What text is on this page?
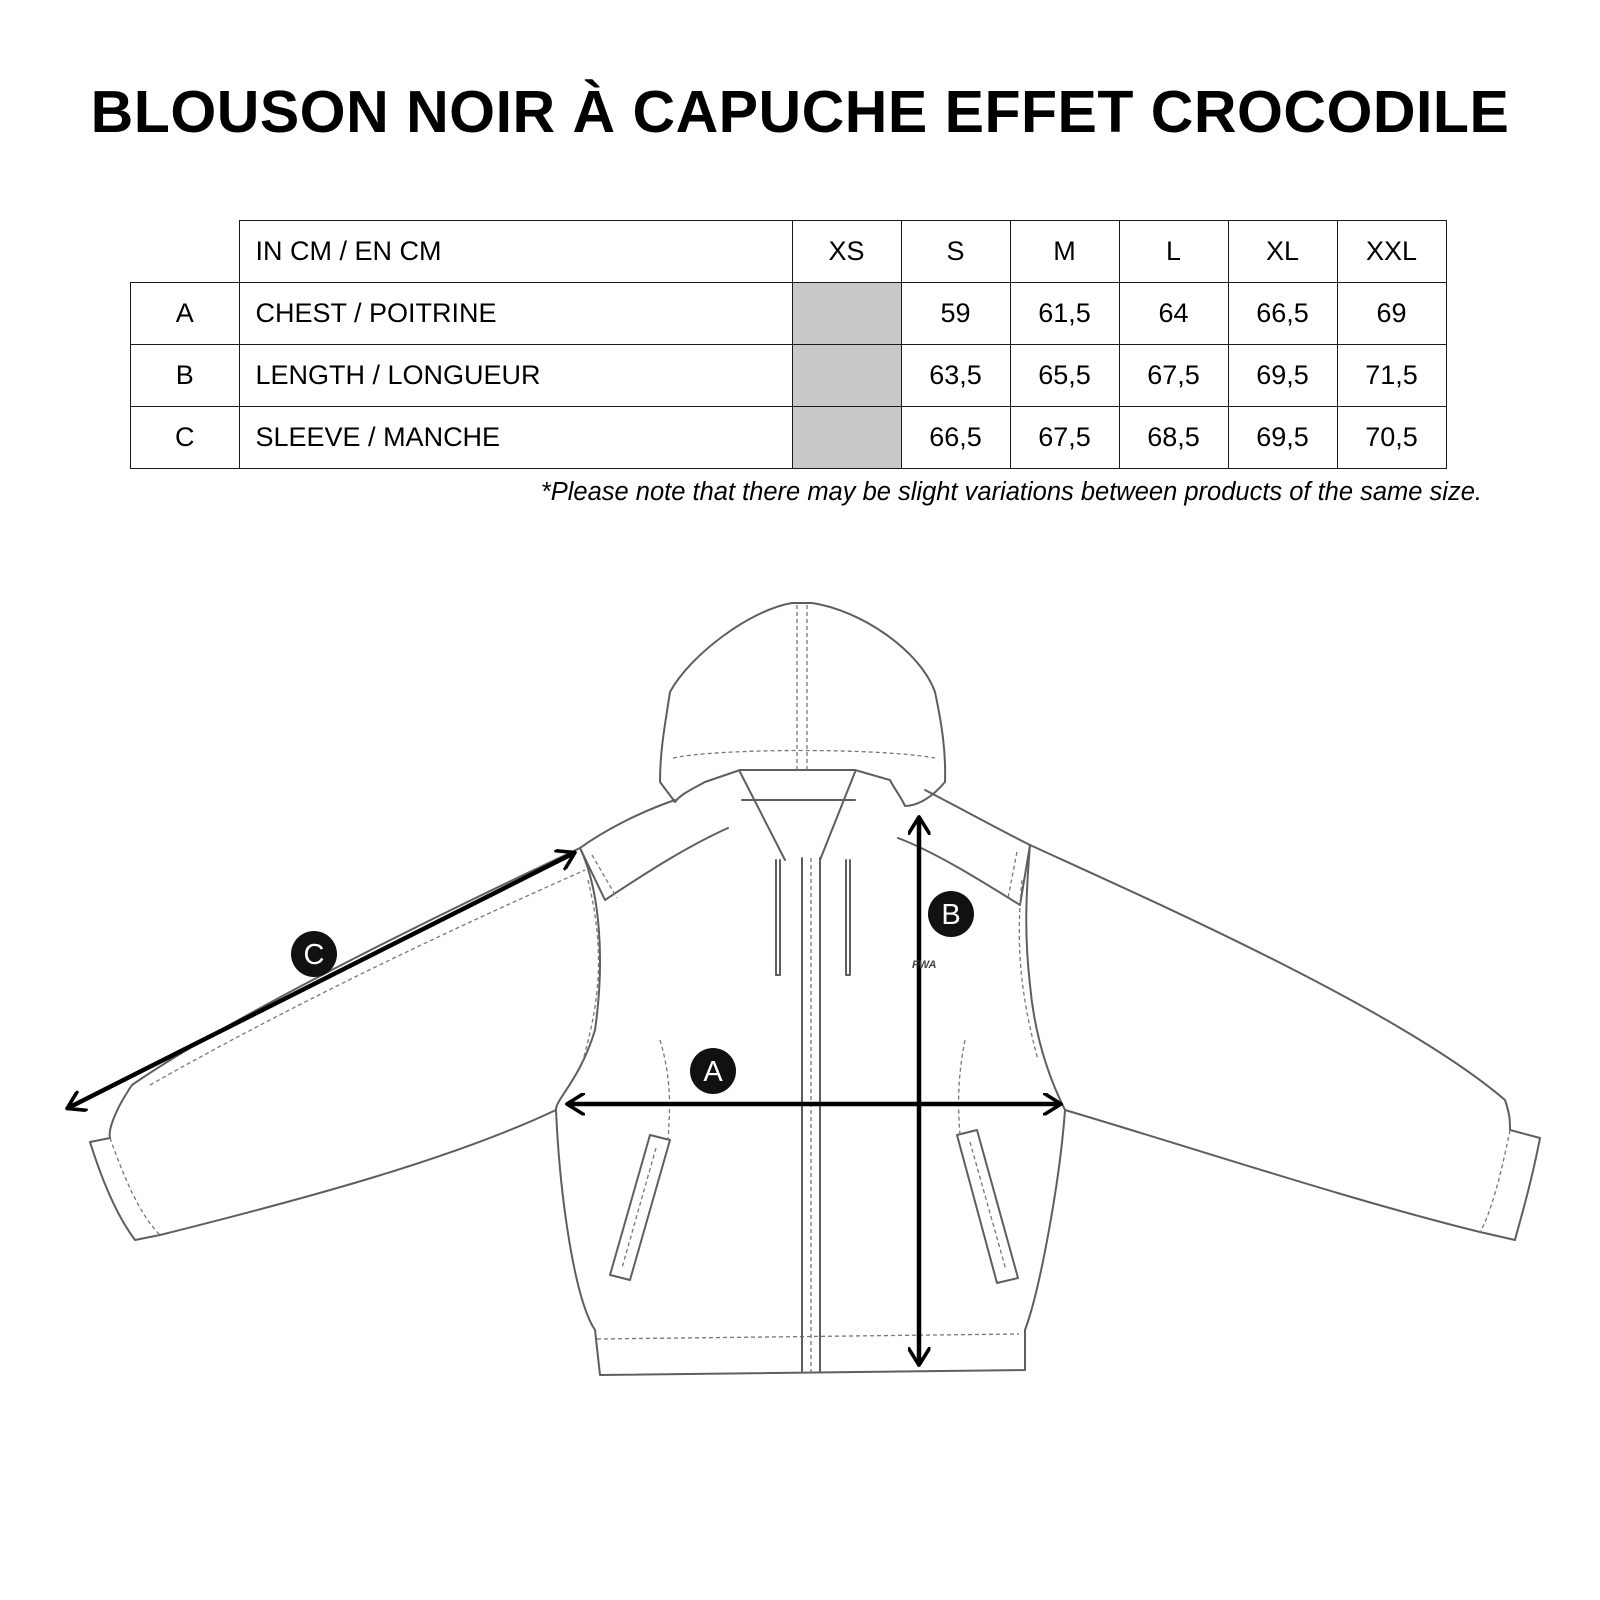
BLOUSON NOIR À CAPUCHE EFFET CROCODILE
	IN CM / EN CM	XS	S	M	L	XL	XXL
A	CHEST / POITRINE		59	61,5	64	66,5	69
B	LENGTH / LONGUEUR		63,5	65,5	67,5	69,5	71,5
C	SLEEVE / MANCHE		66,5	67,5	68,5	69,5	70,5
*Please note that there may be slight variations between products of the same size.
A
B
C	FWA
